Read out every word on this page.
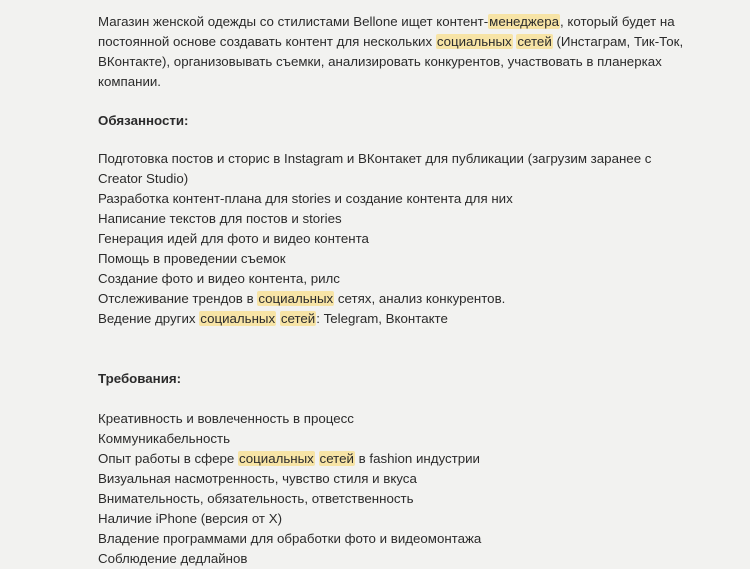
Магазин женской одежды со стилистами Bellone ищет контент-менеджера, который будет на постоянной основе создавать контент для нескольких социальных сетей (Инстаграм, Тик-Ток, ВКонтакте), организовывать съемки, анализировать конкурентов, участвовать в планерках компании.

Обязанности:

Подготовка постов и сторис в Instagram и ВКонтакет для публикации (загрузим заранее с Creator Studio)
Разработка контент-плана для stories и создание контента для них
Написание текстов для постов и stories
Генерация идей для фото и видео контента
Помощь в проведении съемок
Создание фото и видео контента, рилс
Отслеживание трендов в социальных сетях, анализ конкурентов.
Ведение других социальных сетей: Telegram, Вконтакте

Требования:

Креативность и вовлеченность в процесс
Коммуникабельность
Опыт работы в сфере социальных сетей в fashion индустрии
Визуальная насмотренность, чувство стиля и вкуса
Внимательность, обязательность, ответственность
Наличие iPhone (версия от X)
Владение программами для обработки фото и видеомонтажа
Соблюдение дедлайнов
